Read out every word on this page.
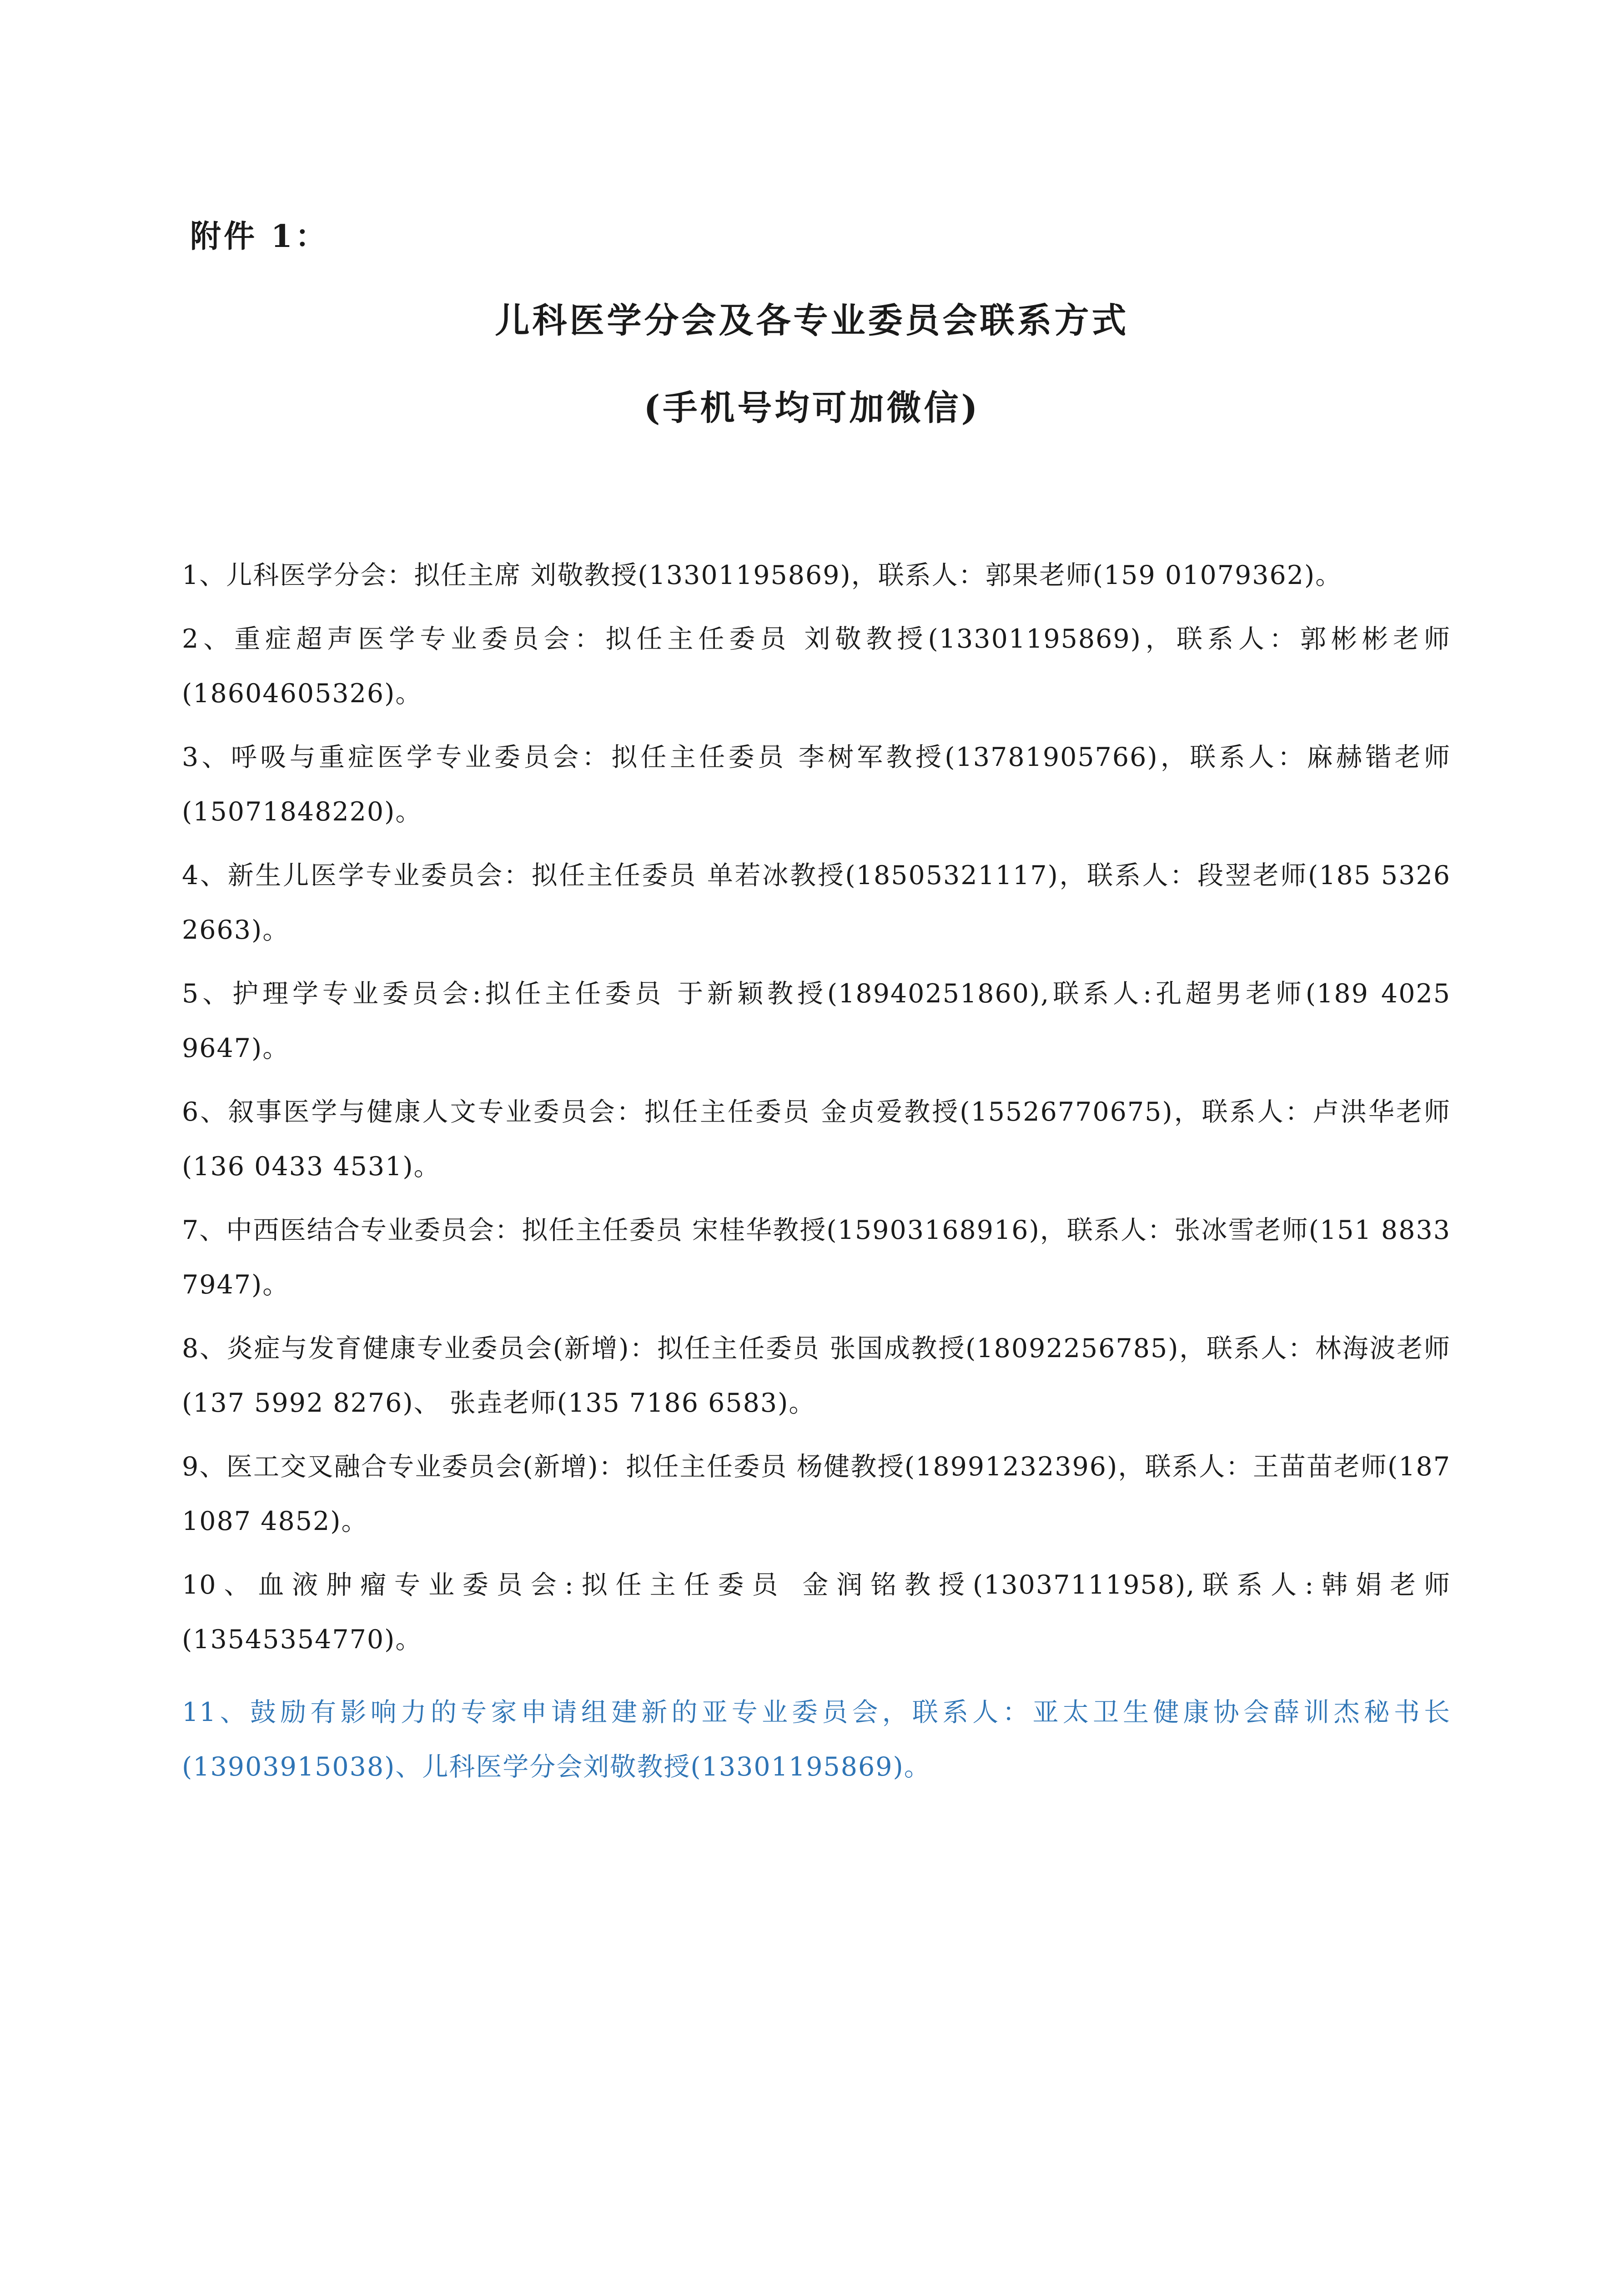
附件 1：
儿科医学分会及各专业委员会联系方式
(手机号均可加微信)

1、儿科医学分会：拟任主席 刘敬教授(13301195869)，联系人：郭果老师(159 01079362)。

2、重症超声医学专业委员会：拟任主任委员 刘敬教授(13301195869)，联系人：郭彬彬老师(18604605326)。

3、呼吸与重症医学专业委员会：拟任主任委员 李树军教授(13781905766)，联系人：麻赫锴老师(15071848220)。

4、新生儿医学专业委员会：拟任主任委员 单若冰教授(18505321117)，联系人：段翌老师(185 5326 2663)。

5、护理学专业委员会:拟任主任委员 于新颖教授(18940251860),联系人:孔超男老师(189 4025 9647)。

6、叙事医学与健康人文专业委员会：拟任主任委员 金贞爱教授(15526770675)，联系人：卢洪华老师(136 0433 4531)。

7、中西医结合专业委员会：拟任主任委员 宋桂华教授(15903168916)，联系人：张冰雪老师(151 8833 7947)。

8、炎症与发育健康专业委员会(新增)：拟任主任委员 张国成教授(18092256785)，联系人：林海波老师(137 5992 8276)、 张垚老师(135 7186 6583)。

9、医工交叉融合专业委员会(新增)：拟任主任委员 杨健教授(18991232396)，联系人：王苗苗老师(187 1087 4852)。

10、血液肿瘤专业委员会:拟任主任委员 金润铭教授(13037111958),联系人:韩娟老师(13545354770)。

11、鼓励有影响力的专家申请组建新的亚专业委员会，联系人：亚太卫生健康协会薛训杰秘书长(13903915038)、儿科医学分会刘敬教授(13301195869)。
